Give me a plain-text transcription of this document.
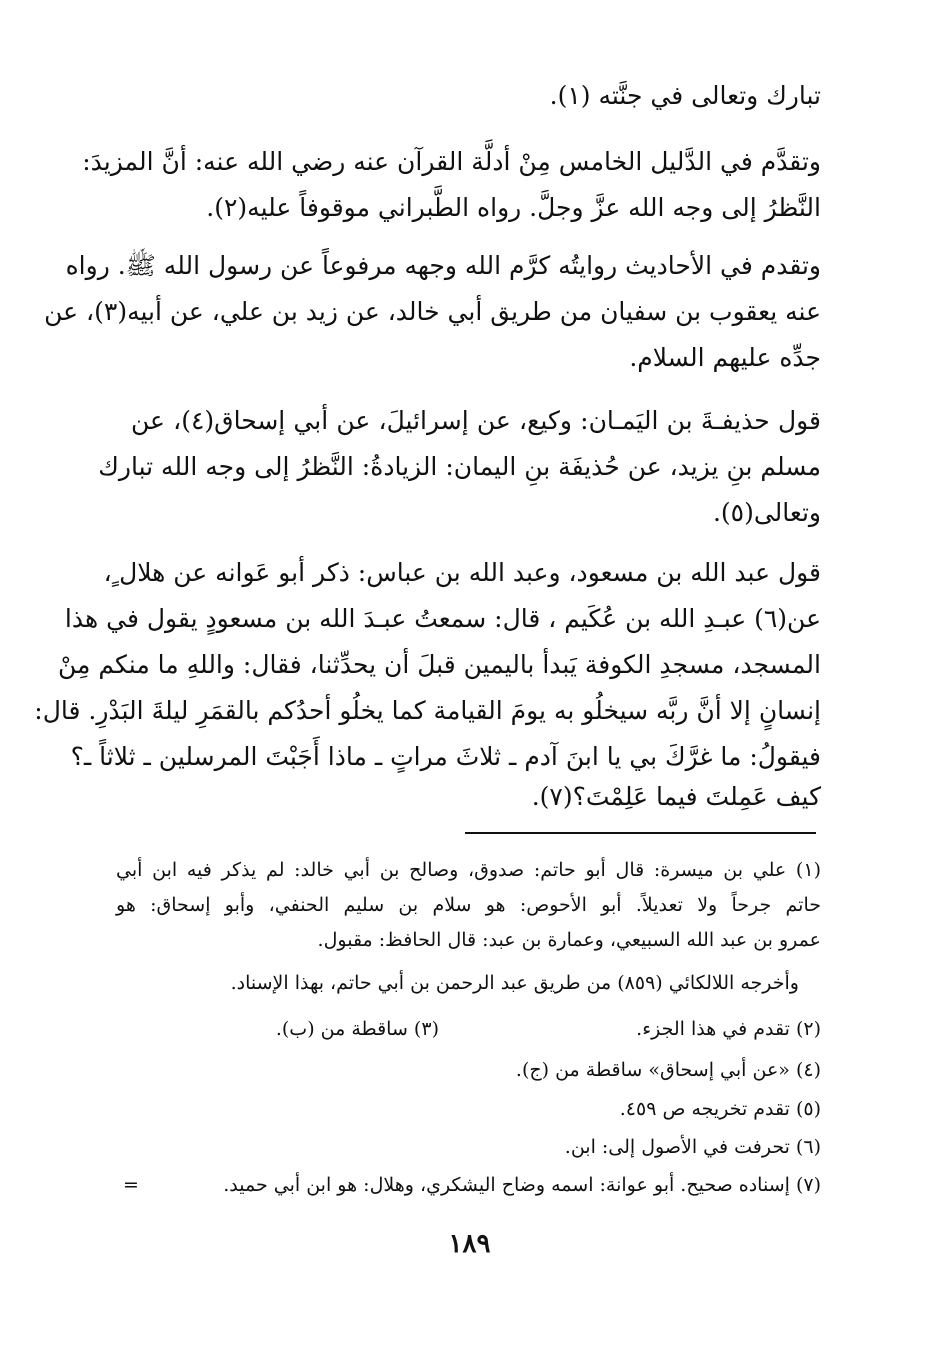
تبارك وتعالى في جنَّته (١).
وتقدَّم في الدَّليل الخامس مِنْ أدلَّة القرآن عنه رضي الله عنه: أنَّ المزيدَ:
النَّظرُ إلى وجه الله عزَّ وجلَّ. رواه الطَّبراني موقوفاً عليه(٢).
وتقدم في الأحاديث روايتُه كرَّم الله وجهه مرفوعاً عن رسول الله ﷺ. رواه
عنه يعقوب بن سفيان من طريق أبي خالد، عن زيد بن علي، عن أبيه(٣)، عن
جدِّه عليهم السلام.
قول حذيفـةَ بن اليَمـان: وكيع، عن إسرائيلَ، عن أبي إسحاق(٤)، عن
مسلم بنِ يزيد، عن حُذيفَة بنِ اليمان: الزيادةُ: النَّظرُ إلى وجه الله تبارك
وتعالى(٥).
قول عبد الله بن مسعود، وعبد الله بن عباس: ذكر أبو عَوانه عن هلال ٍ،
عن(٦) عبـدِ الله بن عُكَيم ، قال: سمعتُ عبـدَ الله بن مسعودٍ يقول في هذا
المسجد، مسجدِ الكوفة يَبدأ باليمين قبلَ أن يحدِّثنا، فقال: واللهِ ما منكم مِنْ
إنسانٍ إلا أنَّ ربَّه سيخلُو به يومَ القيامة كما يخلُو أحدُكم بالقمَرِ ليلةَ البَدْرِ. قال:
فيقولُ: ما غرَّكَ بي يا ابنَ آدم ـ ثلاثَ مراتٍ ـ ماذا أَجَبْتَ المرسلين ـ ثلاثاً ـ؟
كيف عَمِلتَ فيما عَلِمْتَ؟(٧).
(١) علي بن ميسرة: قال أبو حاتم: صدوق، وصالح بن أبي خالد: لم يذكر فيه ابن أبي
حاتم جرحاً ولا تعديلاً. أبو الأحوص: هو سلام بن سليم الحنفي، وأبو إسحاق: هو
عمرو بن عبد الله السبيعي، وعمارة بن عبد: قال الحافظ: مقبول.
وأخرجه اللالكائي (٨٥٩) من طريق عبد الرحمن بن أبي حاتم، بهذا الإسناد.
(٢) تقدم في هذا الجزء.
(٣) ساقطة من (ب).
(٤) «عن أبي إسحاق» ساقطة من (ج).
(٥) تقدم تخريجه ص ٤٥٩.
(٦) تحرفت في الأصول إلى: ابن.
(٧) إسناده صحيح. أبو عوانة: اسمه وضاح اليشكري، وهلال: هو ابن أبي حميد.
=
١٨٩
